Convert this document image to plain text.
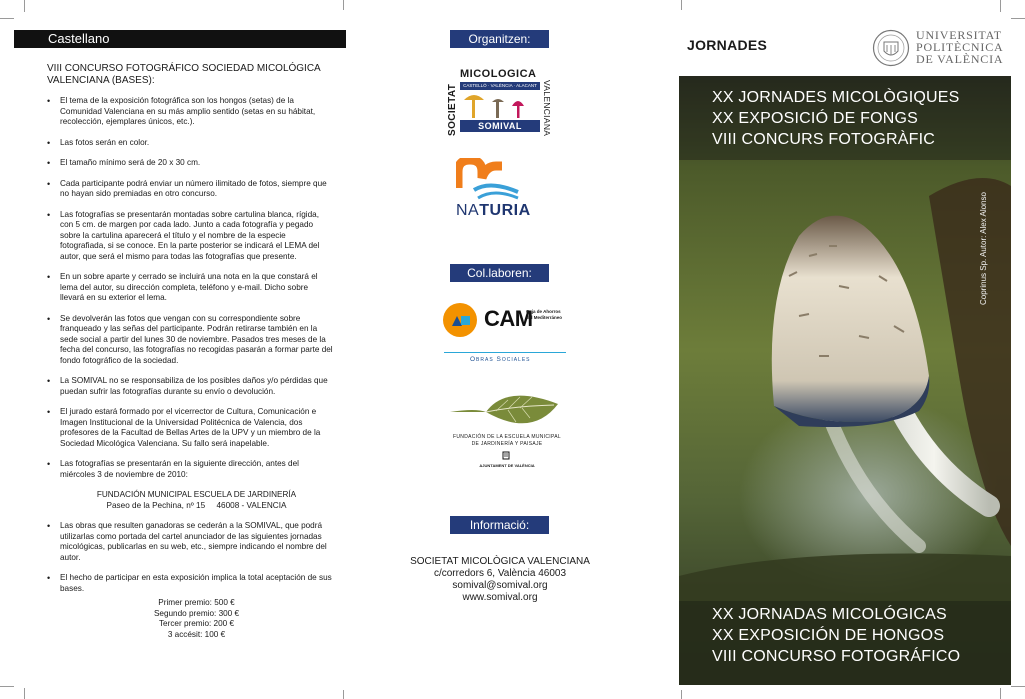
Castellano
VIII CONCURSO FOTOGRÁFICO SOCIEDAD MICOLÓGICA VALENCIANA (BASES):
• El tema de la exposición fotográfica son los hongos (setas) de la Comunidad Valenciana en su más amplio sentido (setas en su hábitat, recolección, ejemplares únicos, etc.).
• Las fotos serán en color.
• El tamaño mínimo será de 20 x 30 cm.
• Cada participante podrá enviar un número ilimitado de fotos, siempre que no hayan sido premiadas en otro concurso.
• Las fotografías se presentarán montadas sobre cartulina blanca, rígida, con 5 cm. de margen por cada lado. Junto a cada fotografía y pegado sobre la cartulina aparecerá el título y el nombre de la especie fotografiada, si se conoce. En la parte posterior se indicará el LEMA del autor, que será el mismo para todas las fotografías que presente.
• En un sobre aparte y cerrado se incluirá una nota en la que constará el lema del autor, su dirección completa, teléfono y e-mail. Dicho sobre llevará en su exterior el lema.
• Se devolverán las fotos que vengan con su correspondiente sobre franqueado y las señas del participante. Podrán retirarse también en la sede social a partir del lunes 30 de noviembre. Pasados tres meses de la fecha del concurso, las fotografías no recogidas pasarán a formar parte del fondo fotográfico de la sociedad.
• La SOMIVAL no se responsabiliza de los posibles daños y/o pérdidas que puedan sufrir las fotografías durante su envío o devolución.
• El jurado estará formado por el vicerrector de Cultura, Comunicación e Imagen Institucional de la Universidad Politécnica de Valencia, dos profesores de la Facultad de Bellas Artes de la UPV y un miembro de la Sociedad Micológica Valenciana. Su fallo será inapelable.
• Las fotografías se presentarán en la siguiente dirección, antes del miércoles 3 de noviembre de 2010:
FUNDACIÓN MUNICIPAL ESCUELA DE JARDINERÍA
Paseo de la Pechina, nº 15     46008 - VALENCIA
• Las obras que resulten ganadoras se cederán a la SOMIVAL, que podrá utilizarlas como portada del cartel anunciador de las siguientes jornadas micológicas, publicarlas en su web, etc., siempre indicando el nombre del autor.
• El hecho de participar en esta exposición implica la total aceptación de sus bases.
Primer premio: 500 €
Segundo premio: 300 €
Tercer premio: 200 €
3 accésit: 100 €
Organitzen:
MICOLOGICA
SOCIETAT	VALENCIANA
CASTELLÓ · VALÈNCIA · ALACANT
SOMIVAL
NATURIA
Col.laboren:
CAM
Caja de Ahorros
del Mediterráneo
Obras Sociales
FUNDACIÓN DE LA ESCUELA MUNICIPAL
DE JARDINERÍA Y PAISAJE
AJUNTAMENT DE VALÈNCIA
Informació:
SOCIETAT MICOLÒGICA VALENCIANA
c/corredors 6, València 46003
somival@somival.org
www.somival.org
JORNADES
UNIVERSITAT
POLITÈCNICA
DE VALÈNCIA
XX JORNADES MICOLÒGIQUES
XX EXPOSICIÓ DE FONGS
VIII CONCURS FOTOGRÀFIC
Coprinus Sp. Autor: Alex Alonso
XX JORNADAS MICOLÓGICAS
XX EXPOSICIÓN DE HONGOS
VIII CONCURSO FOTOGRÁFICO
